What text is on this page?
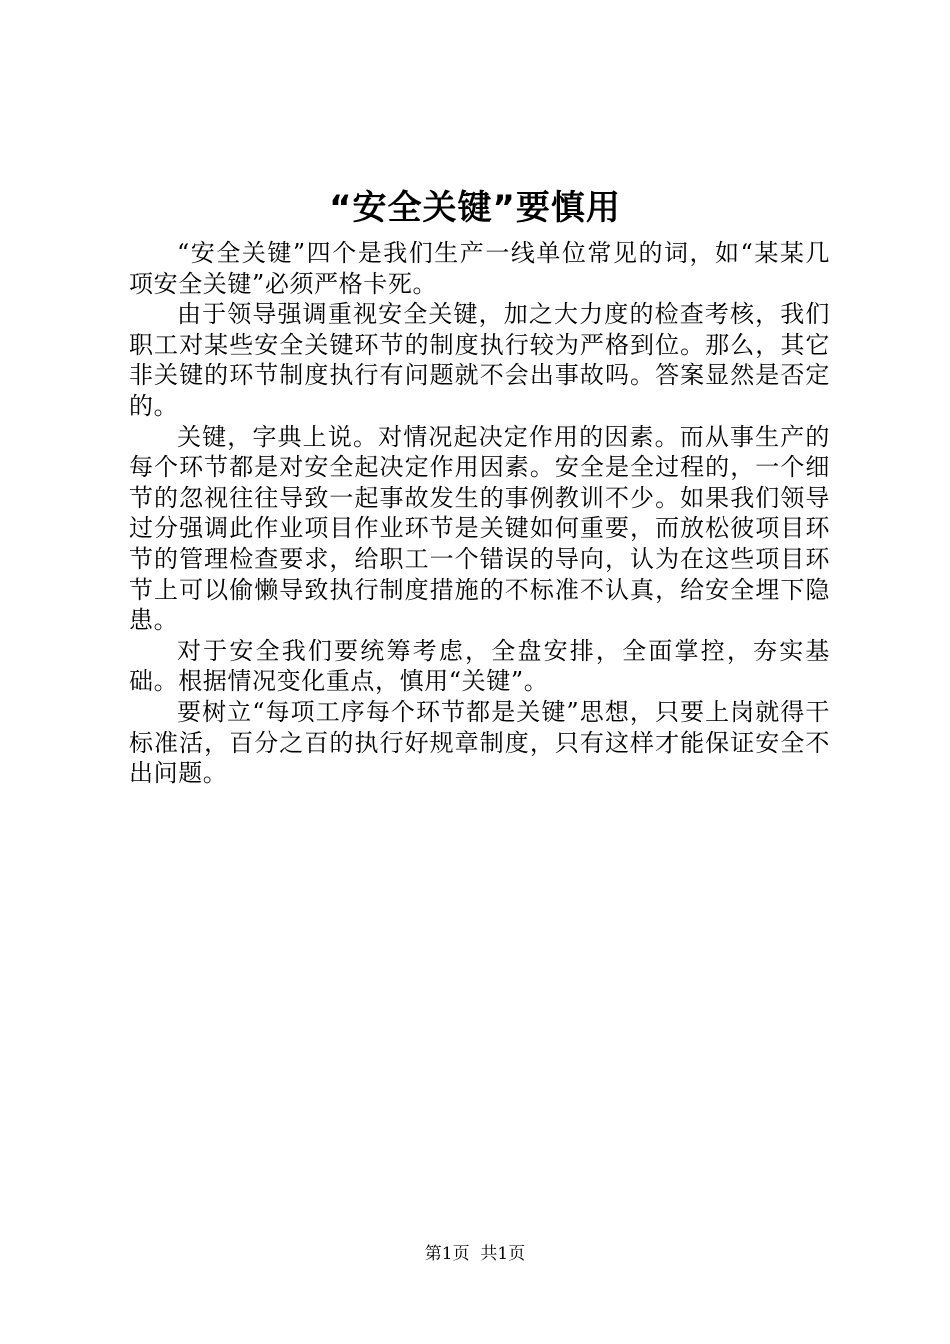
“安全关键”要慎用

“安全关键”四个是我们生产一线单位常见的词，如“某某几项安全关键”必须严格卡死。

由于领导强调重视安全关键，加之大力度的检查考核，我们职工对某些安全关键环节的制度执行较为严格到位。那么，其它非关键的环节制度执行有问题就不会出事故吗。答案显然是否定的。

关键，字典上说。对情况起决定作用的因素。而从事生产的每个环节都是对安全起决定作用因素。安全是全过程的，一个细节的忽视往往导致一起事故发生的事例教训不少。如果我们领导过分强调此作业项目作业环节是关键如何重要，而放松彼项目环节的管理检查要求，给职工一个错误的导向，认为在这些项目环节上可以偷懒导致执行制度措施的不标准不认真，给安全埋下隐患。

对于安全我们要统筹考虑，全盘安排，全面掌控，夯实基础。根据情况变化重点，慎用“关键”。

要树立“每项工序每个环节都是关键”思想，只要上岗就得干标准活，百分之百的执行好规章制度，只有这样才能保证安全不出问题。

第1页 共1页
